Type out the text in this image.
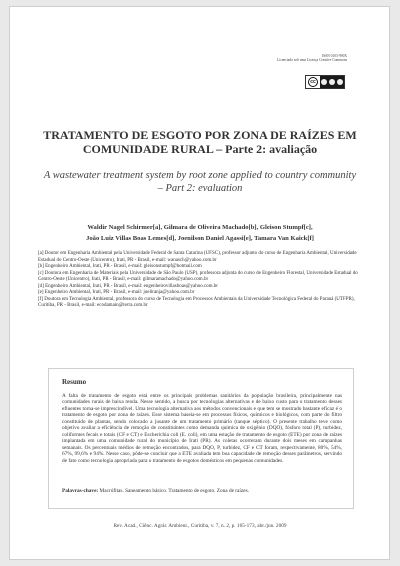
ISSN 0103-990X
Licenciado sob uma Licença Creative Commons
cc
TRATAMENTO DE ESGOTO POR ZONA DE RAÍZES EM COMUNIDADE RURAL – Parte 2: avaliação
A wastewater treatment system by root zone applied to country community – Part 2: evaluation
Waldir Nagel Schirmer[a], Gilmara de Oliveira Machado[b], Gleison Stumpf[c],
João Luiz Villas Boas Lemes[d], Joenilson Daniel Agassi[e], Tamara Van Kaick[f]

[a] Doutor em Engenharia Ambiental pela Universidade Federal de Santa Catarina (UFSC), professor adjunto do curso de Engenharia Ambiental, Universidade Estadual do Centro-Oeste (Unicentro), Irati, PR - Brasil, e-mail: wanasch@yahoo.com.br

[b] Engenheiro Ambiental, Irati, PR - Brasil, e-mail: gleisonstumpf@hotmail.com

[c] Doutora em Engenharia de Materiais pela Universidade de São Paulo (USP), professora adjunta do curso de Engenheiro Florestal, Universidade Estadual do Centro-Oeste (Unicentro), Irati, PR - Brasil, e-mail: gilmaramachado@yahoo.com.br

[d] Engenheiro Ambiental, Irati, PR - Brasil, e-mail: engenheirovillasboas@yahoo.com.br

[e] Engenheiro Ambiental, Irati, PR - Brasil, e-mail: joeliranja@yahoo.com.br

[f] Doutora em Tecnologia Ambiental, professora do curso de Tecnologia em Processos Ambientais da Universidade Tecnológica Federal do Paraná (UTFPR), Curitiba, PR - Brasil, e-mail: ecodamain@terra.com.br

Resumo

A falta de tratamento de esgoto está entre os principais problemas sanitários da população brasileira, principalmente nas comunidades rurais de baixa renda. Nesse sentido, a busca por tecnologias alternativas e de baixo custo para o tratamento desses efluentes torna-se imprescindível. Uma tecnologia alternativa aos métodos convencionais e que tem se mostrado bastante eficaz é o tratamento de esgoto por zona de raízes. Esse sistema baseia-se em processos físicos, químicos e biológicos, com parte do filtro constituído de plantas, sendo colocado a jusante de um tratamento primário (tanque séptico). O presente trabalho teve como objetivo avaliar a eficiência de remoção de constituintes como demanda química de oxigênio (DQO), fósforo total (P), turbidez, coliformes fecais e totais (CF e CT) e Escherichia coli (E. coli), em uma estação de tratamento de esgoto (ETE) por zona de raízes implantada em uma comunidade rural do município de Irati (PR). As coletas ocorreram durante dois meses em campanhas semanais. Os percentuais médios de remoção encontrados, para DQO, P, turbidez, CF e CT foram, respectivamente, 80%, 54%, 67%, 99,6% e 94%. Nesse caso, pôde-se concluir que a ETE avaliada tem boa capacidade de remoção desses parâmetros, servindo de fato como tecnologia apropriada para o tratamento de esgotos domésticos em pequenas comunidades.

Palavras-chave: Macrófitas. Saneamento básico. Tratamento de esgoto. Zona de raízes.
Rev. Acad., Ciênc. Agrár. Ambient., Curitiba, v. 7, n. 2, p. 165-173, abr./jun. 2009
